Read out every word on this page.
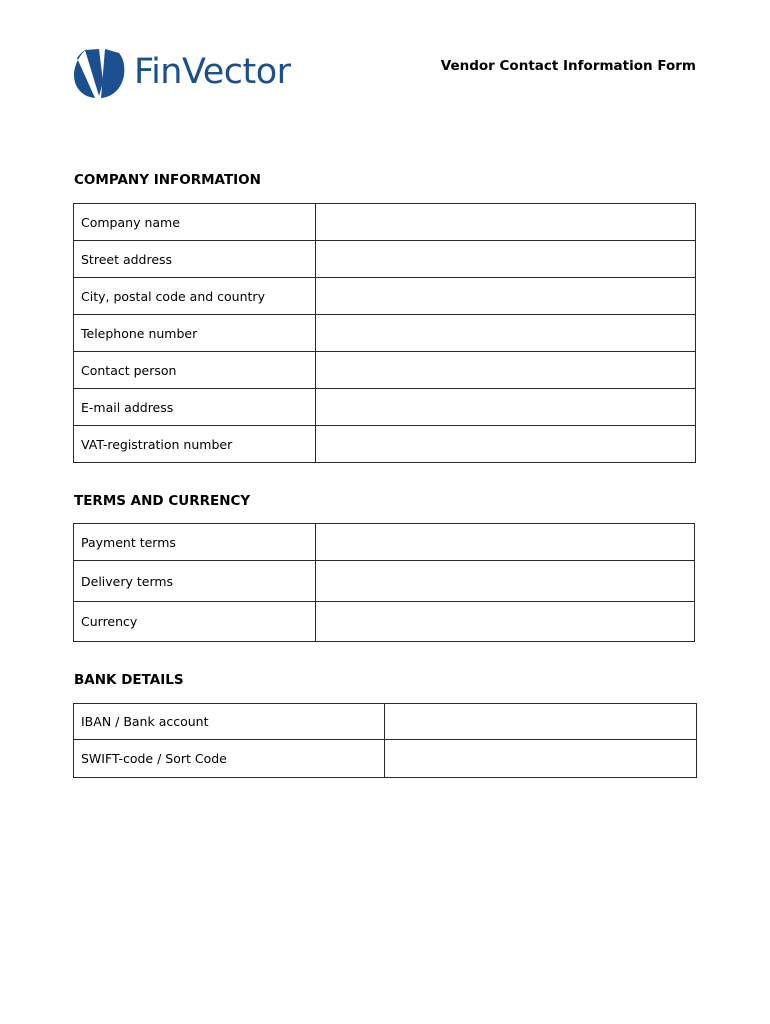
FinVector	Vendor Contact Information Form
COMPANY INFORMATION
Company name	
Street address	
City, postal code and country	
Telephone number	
Contact person	
E-mail address	
VAT-registration number	
TERMS AND CURRENCY
Payment terms	
Delivery terms	
Currency	
BANK DETAILS
IBAN / Bank account	
SWIFT-code / Sort Code	
